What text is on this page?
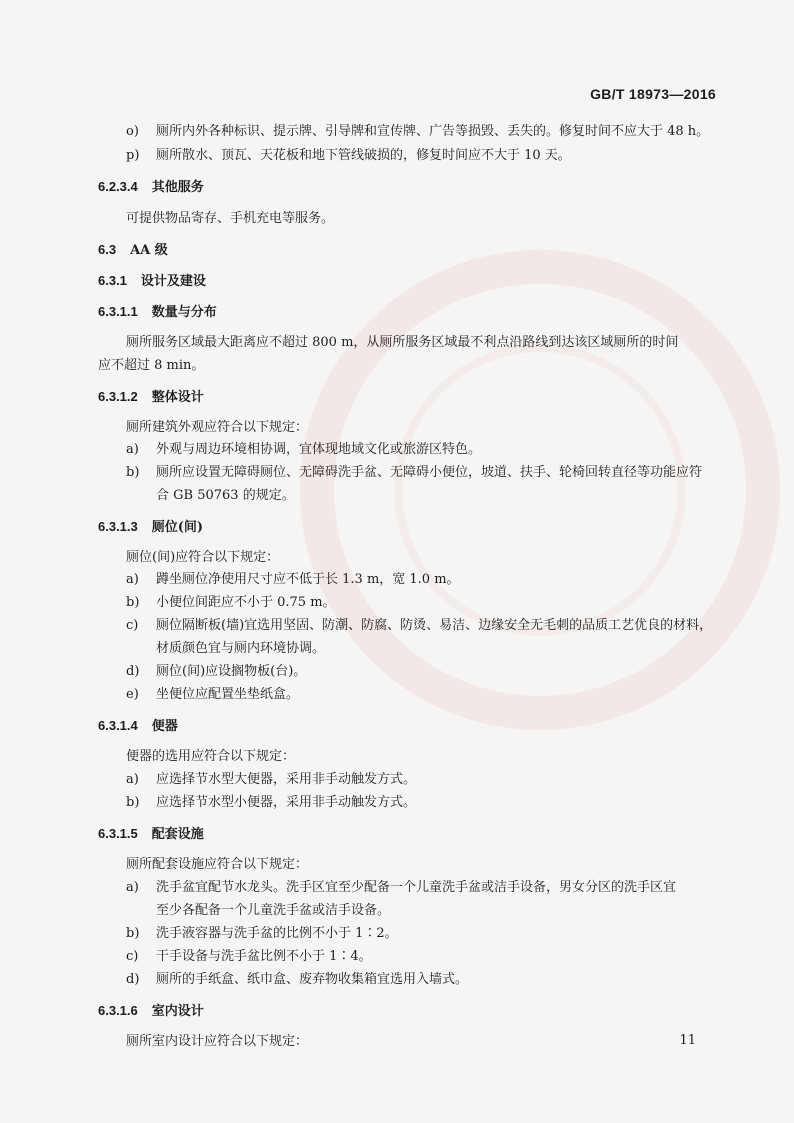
GB/T 18973—2016
o) 厕所内外各种标识、提示牌、引导牌和宣传牌、广告等损毁、丢失的。修复时间不应大于 48 h。
p) 厕所散水、顶瓦、天花板和地下管线破损的，修复时间应不大于 10 天。
6.2.3.4 其他服务
可提供物品寄存、手机充电等服务。
6.3 AA 级
6.3.1 设计及建设
6.3.1.1 数量与分布
厕所服务区域最大距离应不超过 800 m，从厕所服务区域最不利点沿路线到达该区域厕所的时间
应不超过 8 min。
6.3.1.2 整体设计
厕所建筑外观应符合以下规定：
a) 外观与周边环境相协调，宜体现地域文化或旅游区特色。
b) 厕所应设置无障碍厕位、无障碍洗手盆、无障碍小便位，坡道、扶手、轮椅回转直径等功能应符
合 GB 50763 的规定。
6.3.1.3 厕位(间)
厕位(间)应符合以下规定：
a) 蹲坐厕位净使用尺寸应不低于长 1.3 m，宽 1.0 m。
b) 小便位间距应不小于 0.75 m。
c) 厕位隔断板(墙)宜选用坚固、防潮、防腐、防烫、易洁、边缘安全无毛刺的品质工艺优良的材料，
材质颜色宜与厕内环境协调。
d) 厕位(间)应设搁物板(台)。
e) 坐便位应配置坐垫纸盒。
6.3.1.4 便器
便器的选用应符合以下规定：
a) 应选择节水型大便器，采用非手动触发方式。
b) 应选择节水型小便器，采用非手动触发方式。
6.3.1.5 配套设施
厕所配套设施应符合以下规定：
a) 洗手盆宜配节水龙头。洗手区宜至少配备一个儿童洗手盆或洁手设备，男女分区的洗手区宜
至少各配备一个儿童洗手盆或洁手设备。
b) 洗手液容器与洗手盆的比例不小于 1∶2。
c) 干手设备与洗手盆比例不小于 1∶4。
d) 厕所的手纸盒、纸巾盒、废弃物收集箱宜选用入墙式。
6.3.1.6 室内设计
厕所室内设计应符合以下规定：	11
